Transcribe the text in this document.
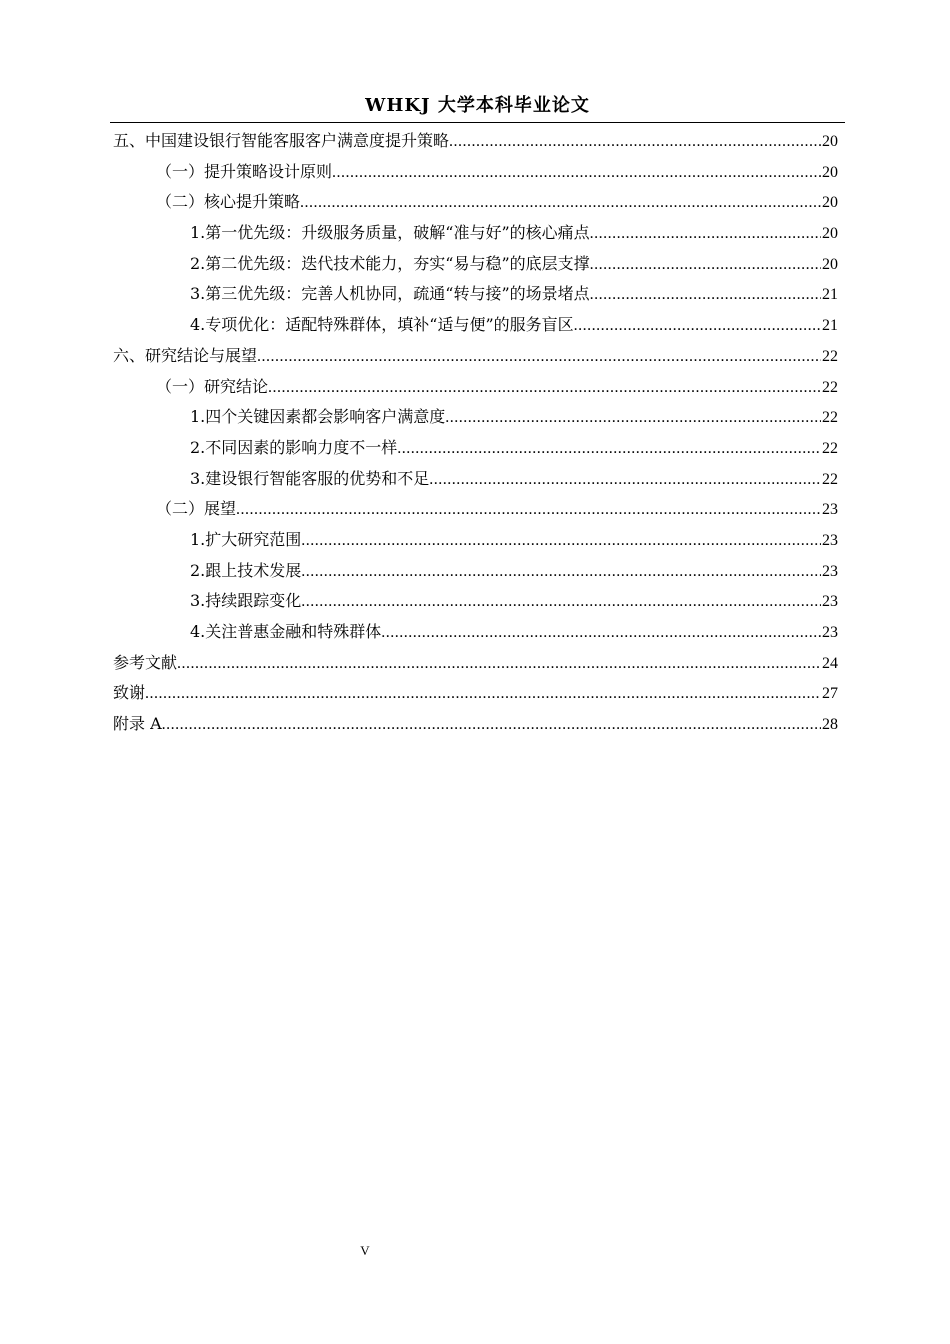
WHKJ 大学本科毕业论文
五、中国建设银行智能客服客户满意度提升策略 .....	20
（一）提升策略设计原则 .....	20
（二）核心提升策略 .....	20
1.第一优先级：升级服务质量，破解“准与好”的核心痛点 .....	20
2.第二优先级：迭代技术能力，夯实“易与稳”的底层支撑 .....	20
3.第三优先级：完善人机协同，疏通“转与接”的场景堵点 .....	21
4.专项优化：适配特殊群体，填补“适与便”的服务盲区 .....	21
六、研究结论与展望 .....	22
（一）研究结论 .....	22
1.四个关键因素都会影响客户满意度 .....	22
2.不同因素的影响力度不一样 .....	22
3.建设银行智能客服的优势和不足 .....	22
（二）展望 .....	23
1.扩大研究范围 .....	23
2.跟上技术发展 .....	23
3.持续跟踪变化 .....	23
4.关注普惠金融和特殊群体 .....	23
参考文献 .....	24
致谢 .....	27
附录 A .....	28
V
